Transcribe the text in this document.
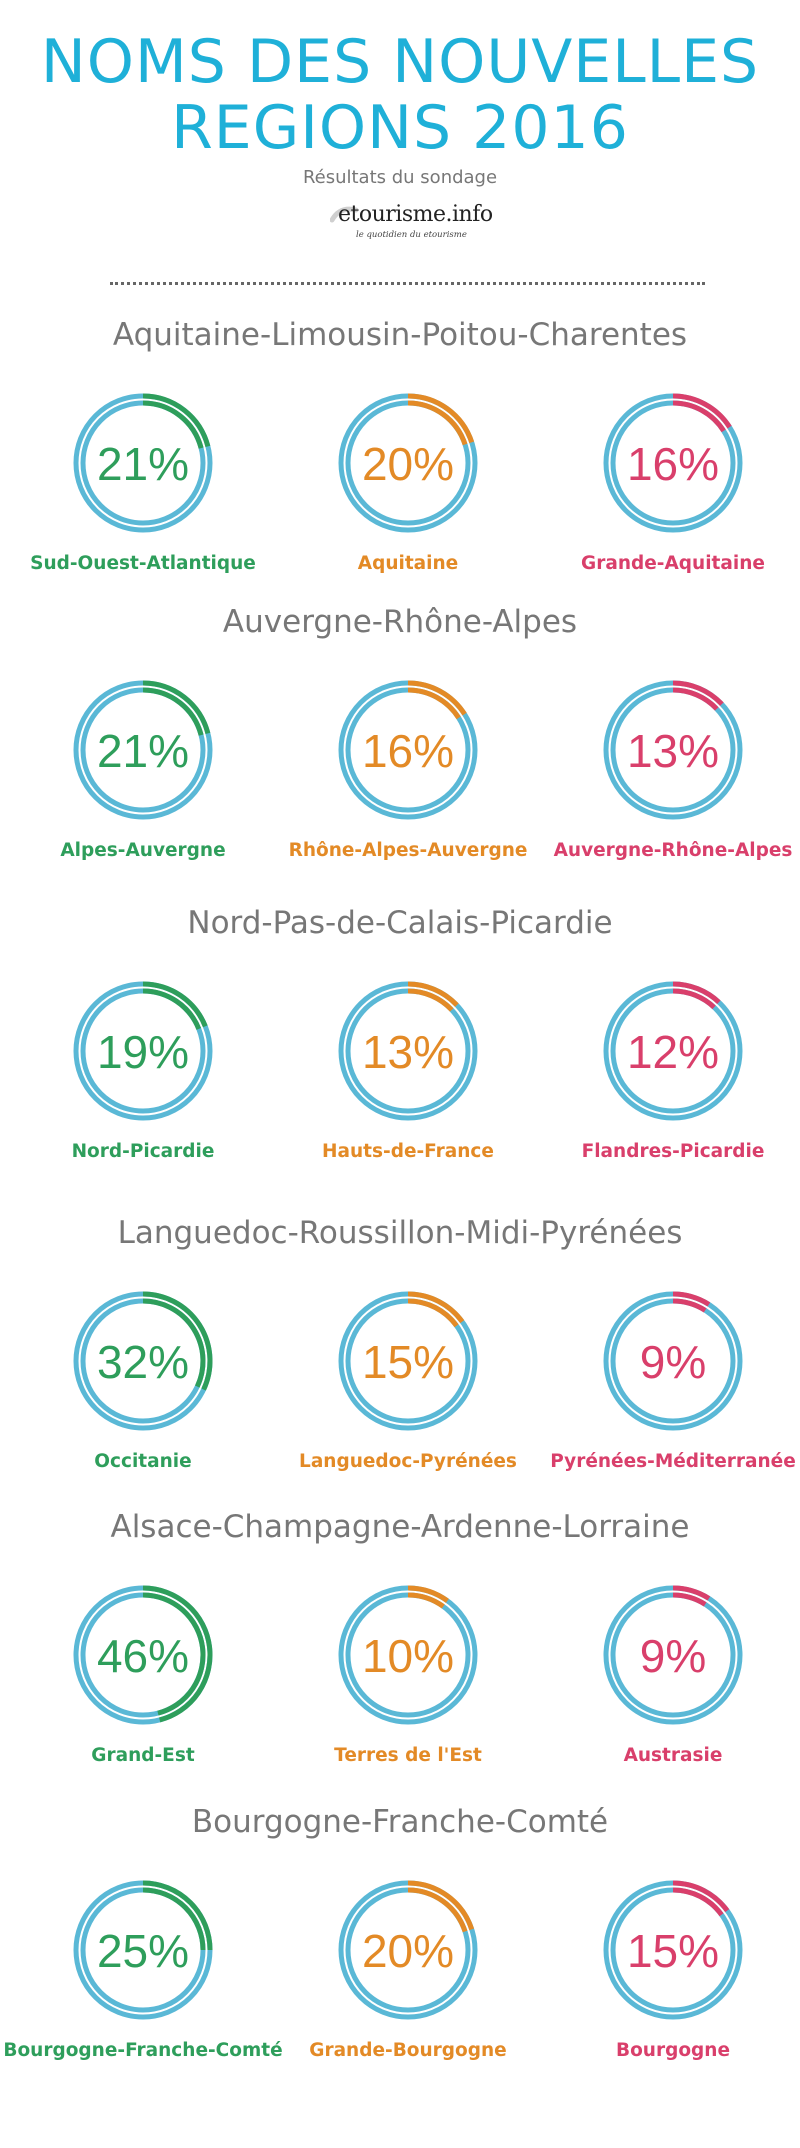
NOMS DES NOUVELLES
REGIONS 2016
Résultats du sondage
etourisme.info
le quotidien du etourisme
Aquitaine-Limousin-Poitou-Charentes
21%
Sud-Ouest-Atlantique
20%
Aquitaine
16%
Grande-Aquitaine
Auvergne-Rhône-Alpes
21%
Alpes-Auvergne
16%
Rhône-Alpes-Auvergne
13%
Auvergne-Rhône-Alpes
Nord-Pas-de-Calais-Picardie
19%
Nord-Picardie
13%
Hauts-de-France
12%
Flandres-Picardie
Languedoc-Roussillon-Midi-Pyrénées
32%
Occitanie
15%
Languedoc-Pyrénées
9%
Pyrénées-Méditerranée
Alsace-Champagne-Ardenne-Lorraine
46%
Grand-Est
10%
Terres de l'Est
9%
Austrasie
Bourgogne-Franche-Comté
25%
Bourgogne-Franche-Comté
20%
Grande-Bourgogne
15%
Bourgogne
